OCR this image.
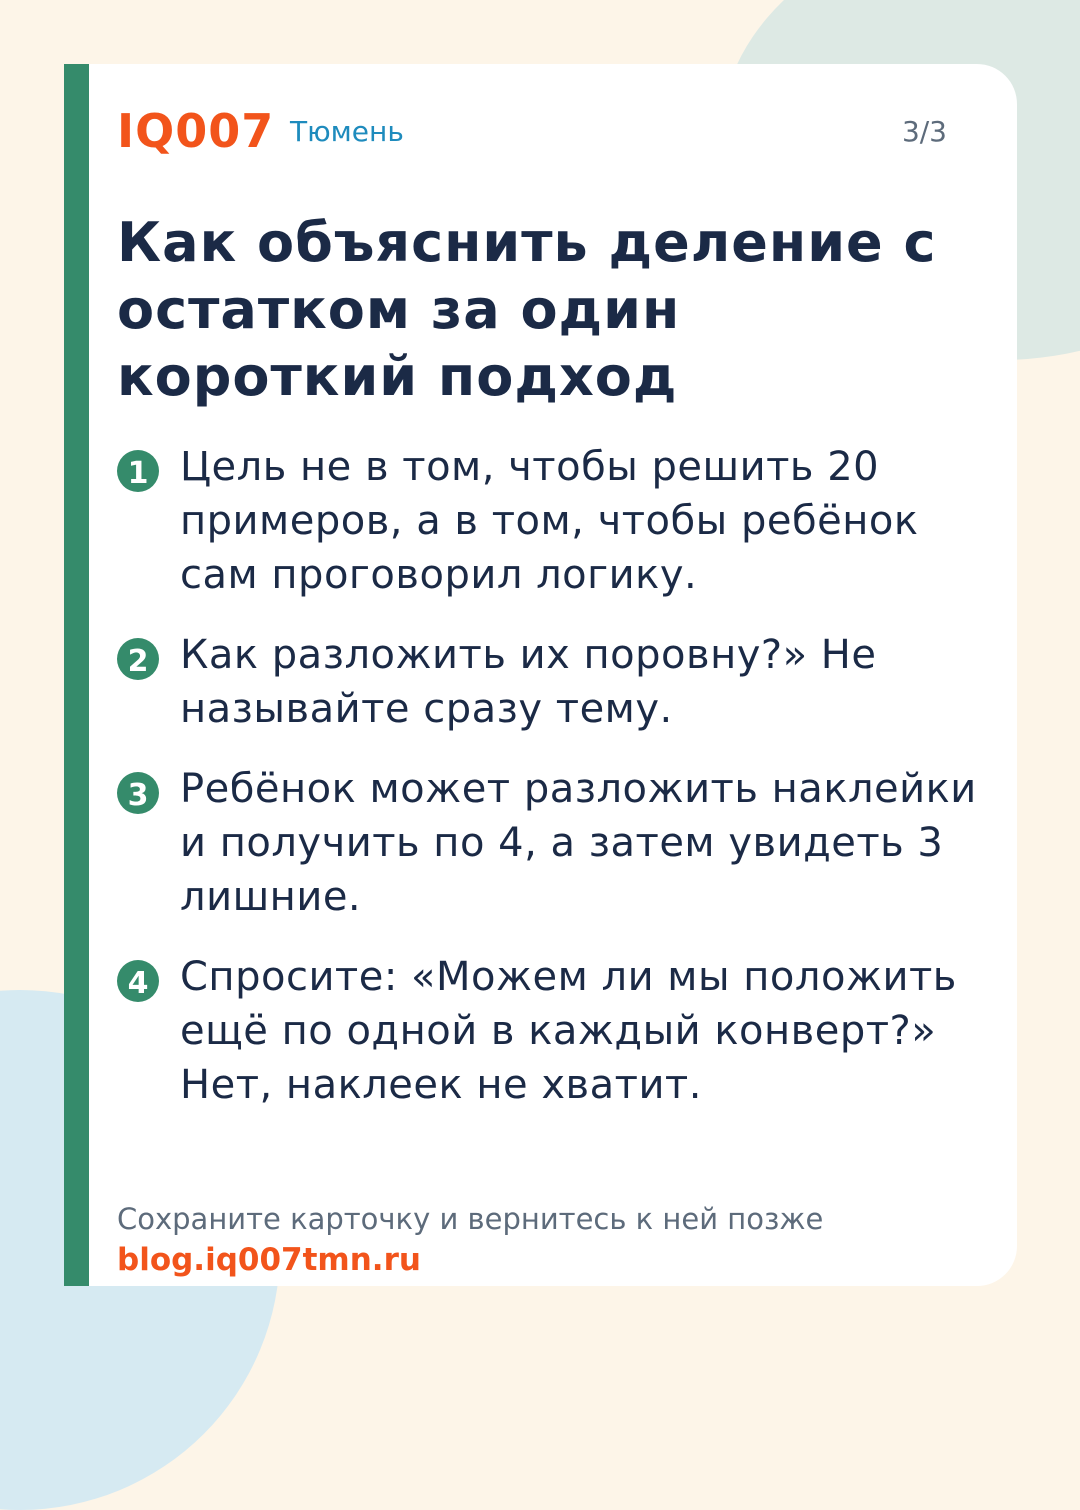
IQ007 Тюмень	3/3
Как объяснить деление с остатком за один короткий подход
1 Цель не в том, чтобы решить 20 примеров, а в том, чтобы ребёнок сам проговорил логику.
2 Как разложить их поровну?» Не называйте сразу тему.
3 Ребёнок может разложить наклейки и получить по 4, а затем увидеть 3 лишние.
4 Спросите: «Можем ли мы положить ещё по одной в каждый конверт?» Нет, наклеек не хватит.
Сохраните карточку и вернитесь к ней позже
blog.iq007tmn.ru
